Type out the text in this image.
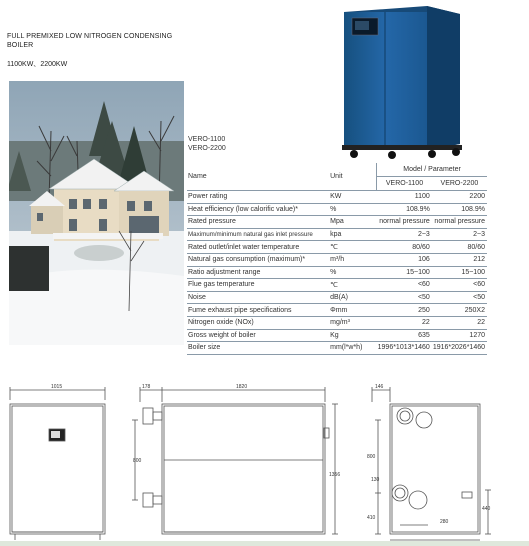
FULL PREMIXED LOW NITROGEN CONDENSING BOILER
1100KW、2200KW
VERO-1100
VERO-2200
Name	Unit	Model / Parameter	
		VERO-1100	VERO-2200
Power rating	KW	1100	2200
Heat efficiency (low calorific value)*	%	108.9%	108.9%
Rated pressure	Mpa	normal pressure	normal pressure
Maximum/minimum natural gas inlet pressure	kpa	2~3	2~3
Rated outlet/inlet water temperature	℃	80/60	80/60
Natural gas consumption (maximum)*	m³/h	106	212
Ratio adjustment range	%	15~100	15~100
Flue gas temperature	℃	<60	<60
Noise	dB(A)	<50	<50
Fume exhaust pipe specifications	Φmm	250	250X2
Nitrogen oxide (NOx)	mg/m³	22	22
Gross weight of boiler	Kg	635	1270
Boiler size	mm(l*w*h)	1996*1013*1460	1916*2026*1460
1015	178	1820
800
1356
146
800
130
410
280
440
